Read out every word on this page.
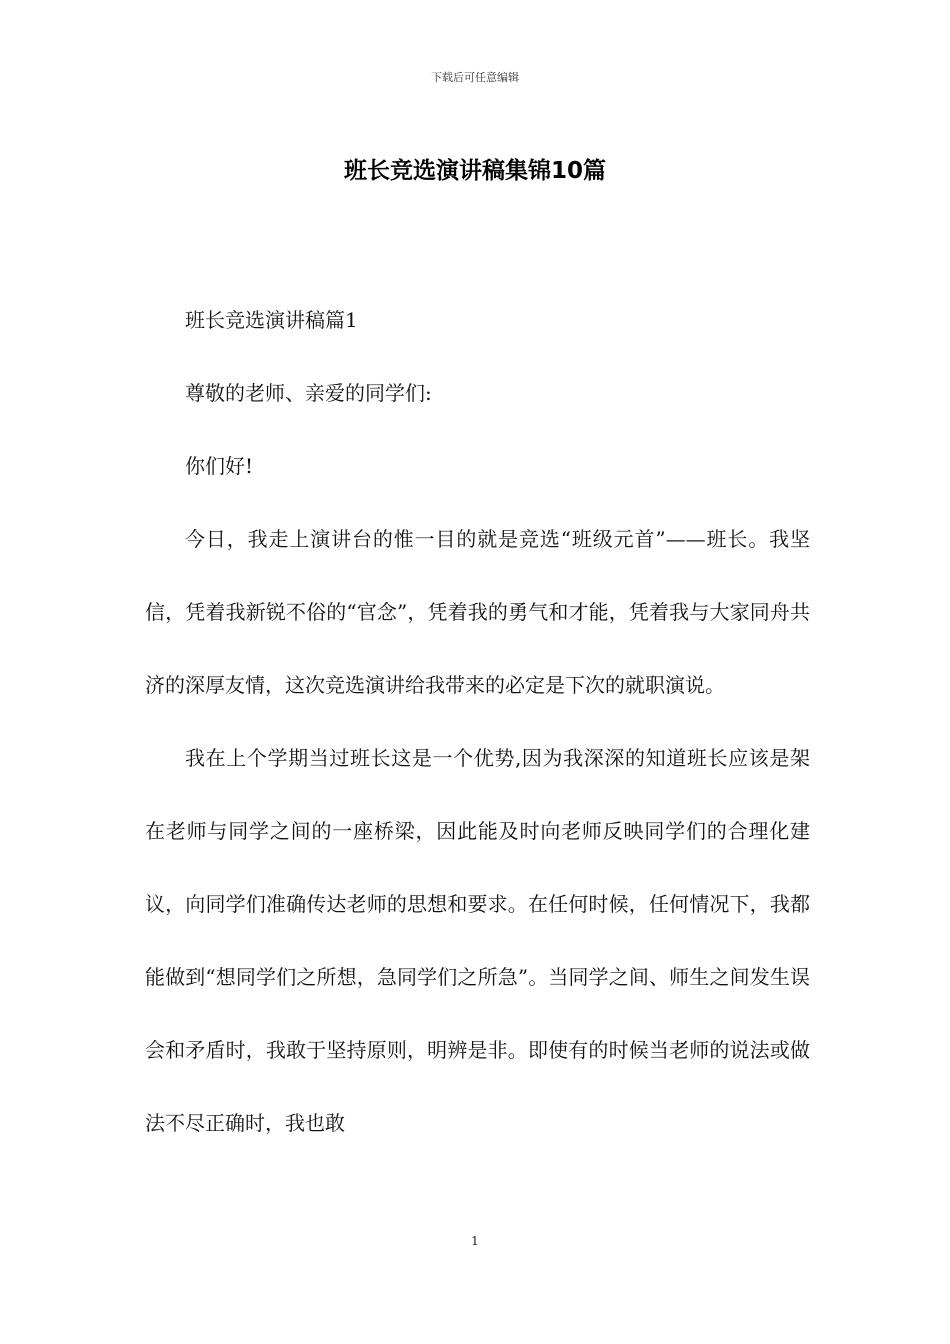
下载后可任意编辑
班长竞选演讲稿集锦10篇

班长竞选演讲稿篇1

尊敬的老师、亲爱的同学们:

你们好!

今日，我走上演讲台的惟一目的就是竞选“班级元首”——班长。我坚信，凭着我新锐不俗的“官念”，凭着我的勇气和才能，凭着我与大家同舟共济的深厚友情，这次竞选演讲给我带来的必定是下次的就职演说。

我在上个学期当过班长这是一个优势,因为我深深的知道班长应该是架在老师与同学之间的一座桥梁，因此能及时向老师反映同学们的合理化建议，向同学们准确传达老师的思想和要求。在任何时候，任何情况下，我都能做到“想同学们之所想，急同学们之所急”。当同学之间、师生之间发生误会和矛盾时，我敢于坚持原则，明辨是非。即使有的时候当老师的说法或做法不尽正确时，我也敢

1
